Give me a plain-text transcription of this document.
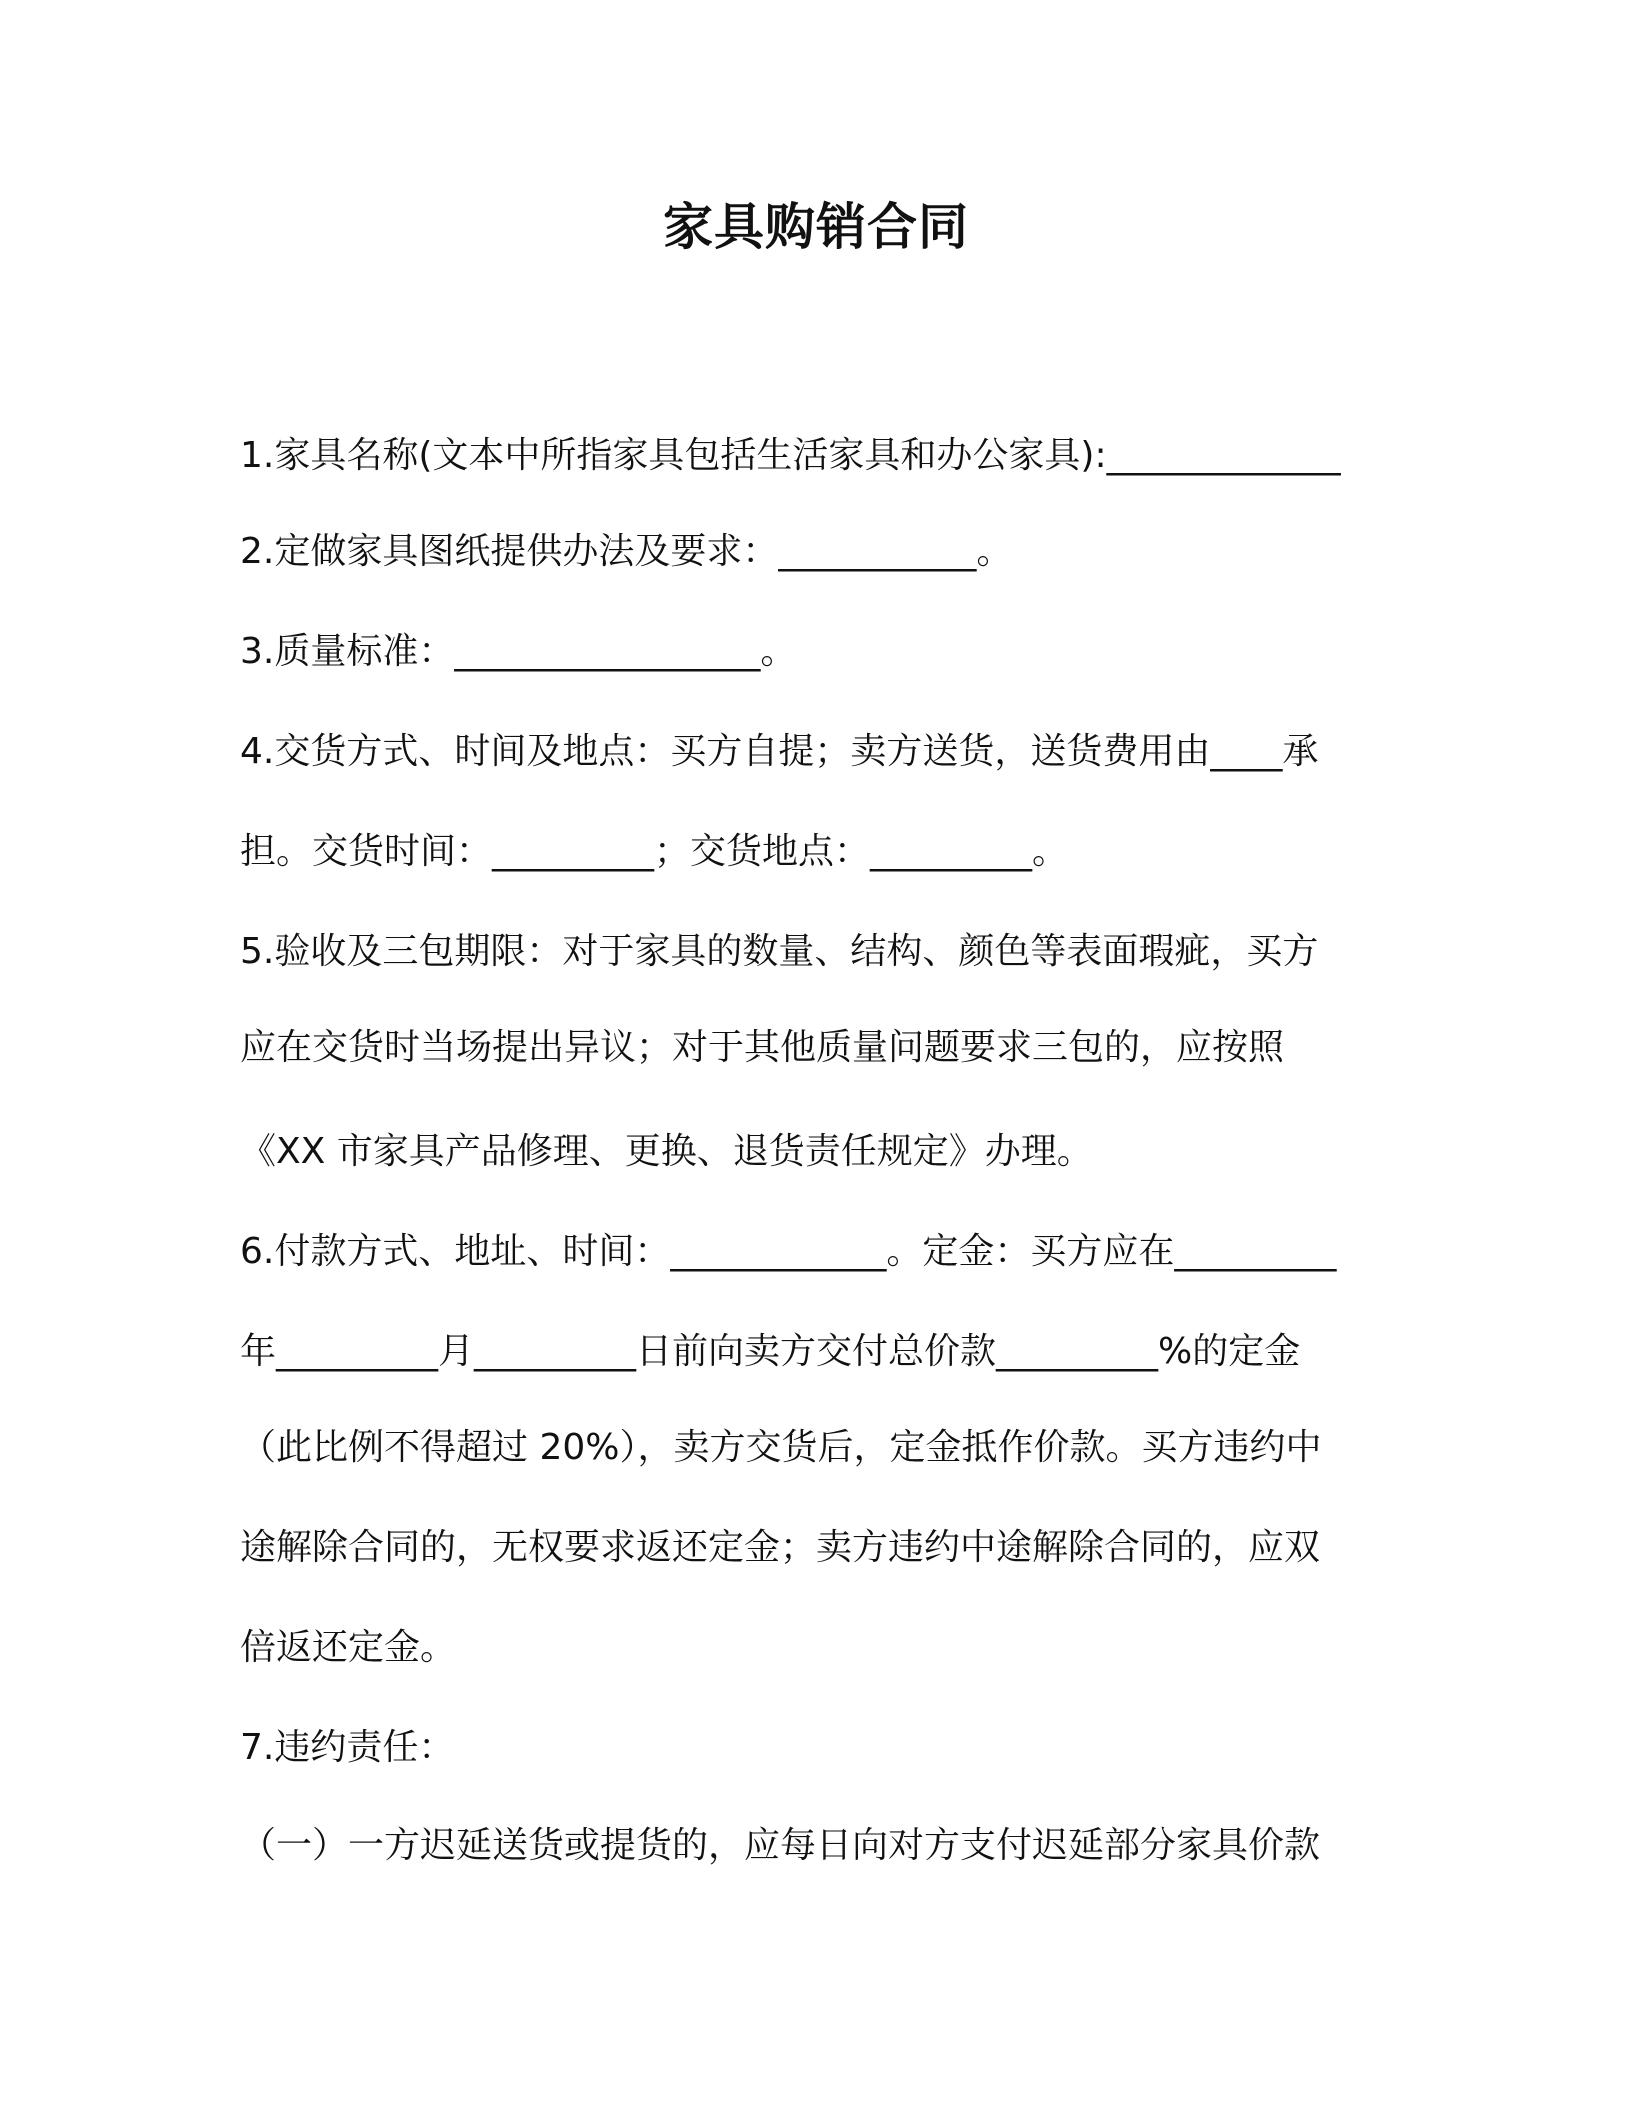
家具购销合同
1.家具名称(文本中所指家具包括生活家具和办公家具):_____________
2.定做家具图纸提供办法及要求：___________。
3.质量标准：_________________。
4.交货方式、时间及地点：买方自提；卖方送货，送货费用由____承
担。交货时间：_________；交货地点：_________。
5.验收及三包期限：对于家具的数量、结构、颜色等表面瑕疵，买方
应在交货时当场提出异议；对于其他质量问题要求三包的，应按照
《XX 市家具产品修理、更换、退货责任规定》办理。
6.付款方式、地址、时间：____________。定金：买方应在_________
年_________月_________日前向卖方交付总价款_________%的定金
（此比例不得超过 20%），卖方交货后，定金抵作价款。买方违约中
途解除合同的，无权要求返还定金；卖方违约中途解除合同的，应双
倍返还定金。
7.违约责任：
（一）一方迟延送货或提货的，应每日向对方支付迟延部分家具价款
